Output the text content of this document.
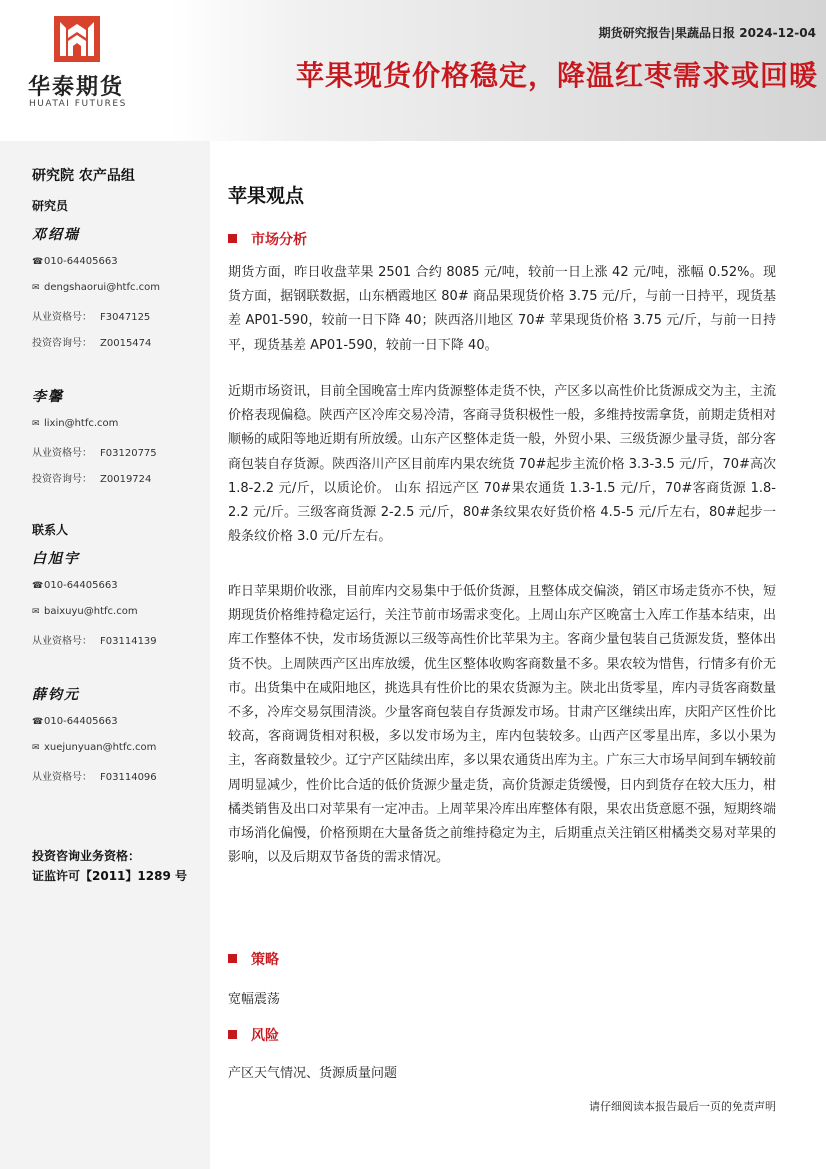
华泰期货
HUATAI FUTURES
期货研究报告|果蔬品日报 2024-12-04
苹果现货价格稳定，降温红枣需求或回暖
研究院 农产品组
研究员
邓绍瑞
☎010-64405663
✉ dengshaorui@htfc.com
从业资格号： F3047125
投资咨询号： Z0015474
李馨
✉ lixin@htfc.com
从业资格号： F03120775
投资咨询号： Z0019724
联系人
白旭宇
☎010-64405663
✉ baixuyu@htfc.com
从业资格号： F03114139
薛钧元
☎010-64405663
✉ xuejunyuan@htfc.com
从业资格号： F03114096
投资咨询业务资格：
证监许可【2011】1289 号
苹果观点
市场分析
期货方面，昨日收盘苹果 2501 合约 8085 元/吨，较前一日上涨 42 元/吨，涨幅 0.52%。现货方面，据钢联数据，山东栖霞地区 80# 商品果现货价格 3.75 元/斤，与前一日持平，现货基差 AP01-590，较前一日下降 40；陕西洛川地区 70# 苹果现货价格 3.75 元/斤，与前一日持平，现货基差 AP01-590，较前一日下降 40。
近期市场资讯，目前全国晚富士库内货源整体走货不快，产区多以高性价比货源成交为主，主流价格表现偏稳。陕西产区冷库交易冷清，客商寻货积极性一般，多维持按需拿货，前期走货相对顺畅的咸阳等地近期有所放缓。山东产区整体走货一般，外贸小果、三级货源少量寻货，部分客商包装自存货源。陕西洛川产区目前库内果农统货 70#起步主流价格 3.3-3.5 元/斤，70#高次 1.8-2.2 元/斤，以质论价。 山东 招远产区 70#果农通货 1.3-1.5 元/斤，70#客商货源 1.8-2.2 元/斤。三级客商货源 2-2.5 元/斤，80#条纹果农好货价格 4.5-5 元/斤左右，80#起步一般条纹价格 3.0 元/斤左右。
昨日苹果期价收涨，目前库内交易集中于低价货源，且整体成交偏淡，销区市场走货亦不快，短期现货价格维持稳定运行，关注节前市场需求变化。上周山东产区晚富士入库工作基本结束，出库工作整体不快，发市场货源以三级等高性价比苹果为主。客商少量包装自己货源发货，整体出货不快。上周陕西产区出库放缓，优生区整体收购客商数量不多。果农较为惜售，行情多有价无市。出货集中在咸阳地区，挑选具有性价比的果农货源为主。陕北出货零星，库内寻货客商数量不多，冷库交易氛围清淡。少量客商包装自存货源发市场。甘肃产区继续出库，庆阳产区性价比较高，客商调货相对积极，多以发市场为主，库内包装较多。山西产区零星出库，多以小果为主，客商数量较少。辽宁产区陆续出库，多以果农通货出库为主。广东三大市场早间到车辆较前周明显减少，性价比合适的低价货源少量走货，高价货源走货缓慢，日内到货存在较大压力，柑橘类销售及出口对苹果有一定冲击。上周苹果冷库出库整体有限，果农出货意愿不强，短期终端市场消化偏慢，价格预期在大量备货之前维持稳定为主，后期重点关注销区柑橘类交易对苹果的影响，以及后期双节备货的需求情况。
策略
宽幅震荡
风险
产区天气情况、货源质量问题
请仔细阅读本报告最后一页的免责声明
